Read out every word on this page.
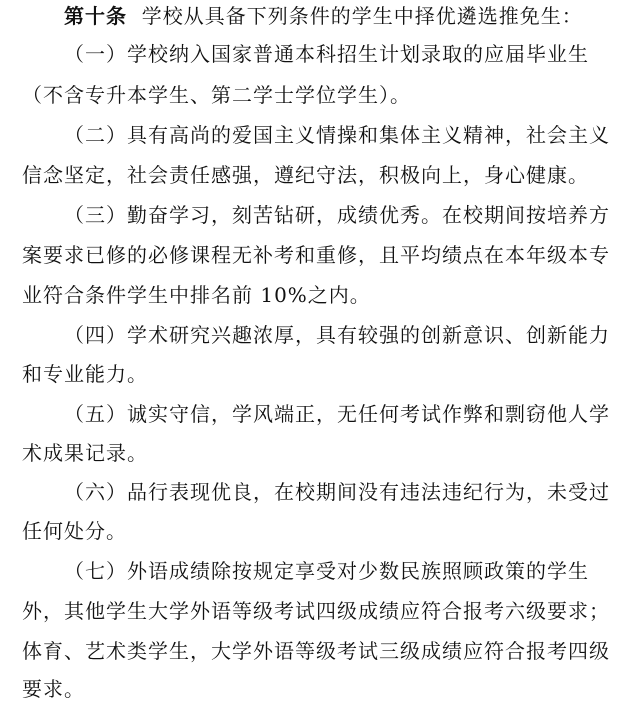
第十条 学校从具备下列条件的学生中择优遴选推免生：
（一）学校纳入国家普通本科招生计划录取的应届毕业生
（不含专升本学生、第二学士学位学生）。
（二）具有高尚的爱国主义情操和集体主义精神，社会主义
信念坚定，社会责任感强，遵纪守法，积极向上，身心健康。
（三）勤奋学习，刻苦钻研，成绩优秀。在校期间按培养方
案要求已修的必修课程无补考和重修，且平均绩点在本年级本专
业符合条件学生中排名前 10%之内。
（四）学术研究兴趣浓厚，具有较强的创新意识、创新能力
和专业能力。
（五）诚实守信，学风端正，无任何考试作弊和剽窃他人学
术成果记录。
（六）品行表现优良，在校期间没有违法违纪行为，未受过
任何处分。
（七）外语成绩除按规定享受对少数民族照顾政策的学生
外，其他学生大学外语等级考试四级成绩应符合报考六级要求；
体育、艺术类学生，大学外语等级考试三级成绩应符合报考四级
要求。
